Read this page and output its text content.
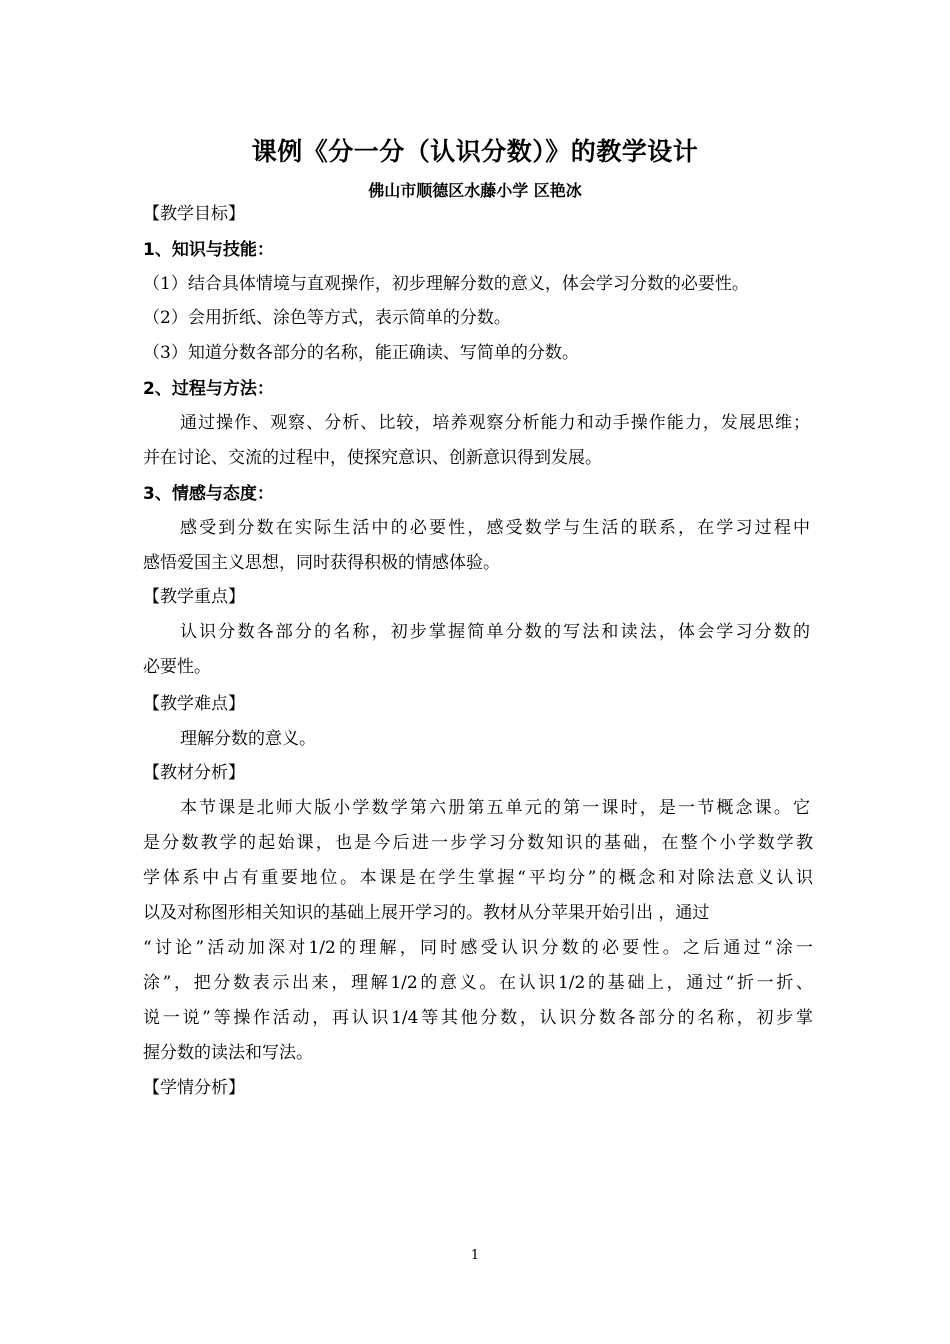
课例《分一分（认识分数）》的教学设计
佛山市顺德区水藤小学 区艳冰
【教学目标】
1、知识与技能：
（1）结合具体情境与直观操作，初步理解分数的意义，体会学习分数的必要性。
（2）会用折纸、涂色等方式，表示简单的分数。
（3）知道分数各部分的名称，能正确读、写简单的分数。
2、过程与方法：
通过操作、观察、分析、比较，培养观察分析能力和动手操作能力，发展思维；
并在讨论、交流的过程中，使探究意识、创新意识得到发展。
3、情感与态度：
感受到分数在实际生活中的必要性，感受数学与生活的联系，在学习过程中
感悟爱国主义思想，同时获得积极的情感体验。
【教学重点】
认识分数各部分的名称，初步掌握简单分数的写法和读法，体会学习分数的
必要性。
【教学难点】
理解分数的意义。
【教材分析】
本节课是北师大版小学数学第六册第五单元的第一课时，是一节概念课。它
是分数教学的起始课，也是今后进一步学习分数知识的基础，在整个小学数学教
学体系中占有重要地位。本课是在学生掌握“平均分”的概念和对除法意义认识
以及对称图形相关知识的基础上展开学习的。教材从分苹果开始引出 ，通过
“讨论”活动加深对1/2的理解，同时感受认识分数的必要性。之后通过“涂一
涂”，把分数表示出来，理解1/2的意义。在认识1/2的基础上，通过“折一折、
说一说”等操作活动，再认识1/4等其他分数，认识分数各部分的名称，初步掌
握分数的读法和写法。
【学情分析】
1
